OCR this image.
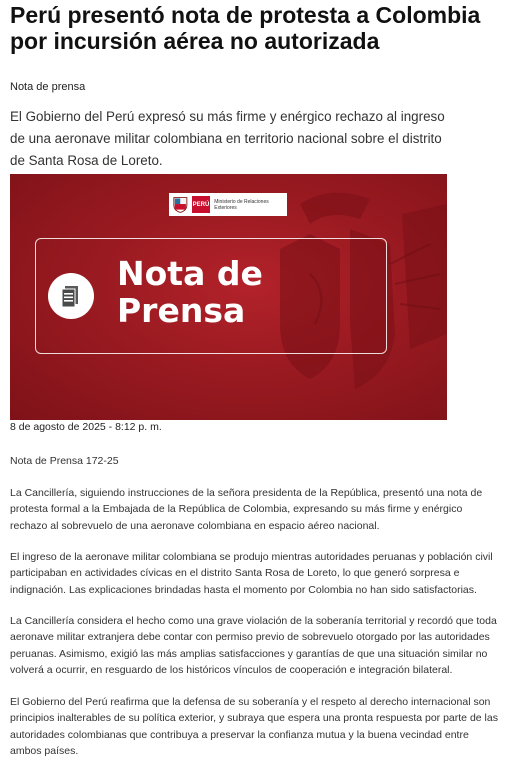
Perú presentó nota de protesta a Colombia por incursión aérea no autorizada
Nota de prensa
El Gobierno del Perú expresó su más firme y enérgico rechazo al ingreso de una aeronave militar colombiana en territorio nacional sobre el distrito de Santa Rosa de Loreto.
PERÚ Ministerio de Relaciones Exteriores
Nota de Prensa
8 de agosto de 2025 - 8:12 p. m.

Nota de Prensa 172-25

La Cancillería, siguiendo instrucciones de la señora presidenta de la República, presentó una nota de protesta formal a la Embajada de la República de Colombia, expresando su más firme y enérgico rechazo al sobrevuelo de una aeronave colombiana en espacio aéreo nacional.

El ingreso de la aeronave militar colombiana se produjo mientras autoridades peruanas y población civil participaban en actividades cívicas en el distrito Santa Rosa de Loreto, lo que generó sorpresa e indignación. Las explicaciones brindadas hasta el momento por Colombia no han sido satisfactorias.

La Cancillería considera el hecho como una grave violación de la soberanía territorial y recordó que toda aeronave militar extranjera debe contar con permiso previo de sobrevuelo otorgado por las autoridades peruanas. Asimismo, exigió las más amplias satisfacciones y garantías de que una situación similar no volverá a ocurrir, en resguardo de los históricos vínculos de cooperación e integración bilateral.

El Gobierno del Perú reafirma que la defensa de su soberanía y el respeto al derecho internacional son principios inalterables de su política exterior, y subraya que espera una pronta respuesta por parte de las autoridades colombianas que contribuya a preservar la confianza mutua y la buena vecindad entre ambos países.
